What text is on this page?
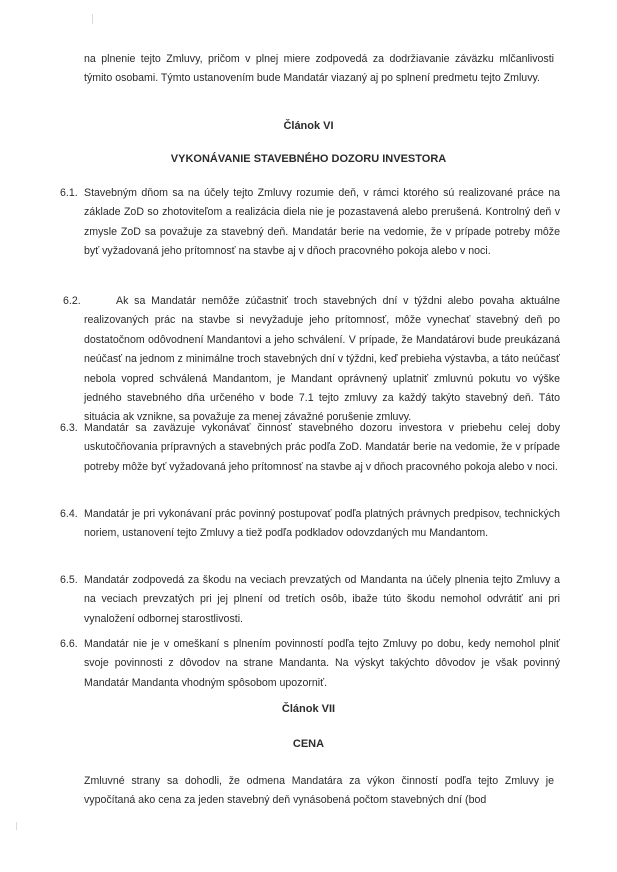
na plnenie tejto Zmluvy, pričom v plnej miere zodpovedá za dodržiavanie záväzku mlčanlivosti týmito osobami. Týmto ustanovením bude Mandatár viazaný aj po splnení predmetu tejto Zmluvy.

Článok VI
VYKONÁVANIE STAVEBNÉHO DOZORU INVESTORA
6.1. Stavebným dňom sa na účely tejto Zmluvy rozumie deň, v rámci ktorého sú realizované práce na základe ZoD so zhotoviteľom a realizácia diela nie je pozastavená alebo prerušená. Kontrolný deň v zmysle ZoD sa považuje za stavebný deň. Mandatár berie na vedomie, že v prípade potreby môže byť vyžadovaná jeho prítomnosť na stavbe aj v dňoch pracovného pokoja alebo v noci.
6.2.	Ak sa Mandatár nemôže zúčastniť troch stavebných dní v týždni alebo povaha aktuálne realizovaných prác na stavbe si nevyžaduje jeho prítomnosť, môže vynechať stavebný deň po dostatočnom odôvodnení Mandantovi a jeho schválení. V prípade, že Mandatárovi bude preukázaná neúčasť na jednom z minimálne troch stavebných dní v týždni, keď prebieha výstavba, a táto neúčasť nebola vopred schválená Mandantom, je Mandant oprávnený uplatniť zmluvnú pokutu vo výške jedného stavebného dňa určeného v bode 7.1 tejto zmluvy za každý takýto stavebný deň. Táto situácia ak vznikne, sa považuje za menej závažné porušenie zmluvy.
6.3. Mandatár sa zaväzuje vykonávať činnosť stavebného dozoru investora v priebehu celej doby uskutočňovania prípravných a stavebných prác podľa ZoD. Mandatár berie na vedomie, že v prípade potreby môže byť vyžadovaná jeho prítomnosť na stavbe aj v dňoch pracovného pokoja alebo v noci.
6.4. Mandatár je pri vykonávaní prác povinný postupovať podľa platných právnych predpisov, technických noriem, ustanovení tejto Zmluvy a tiež podľa podkladov odovzdaných mu Mandantom.
6.5. Mandatár zodpovedá za škodu na veciach prevzatých od Mandanta na účely plnenia tejto Zmluvy a na veciach prevzatých pri jej plnení od tretích osôb, ibaže túto škodu nemohol odvrátiť ani pri vynaložení odbornej starostlivosti.
6.6. Mandatár nie je v omeškaní s plnením povinností podľa tejto Zmluvy po dobu, kedy nemohol plniť svoje povinnosti z dôvodov na strane Mandanta. Na výskyt takýchto dôvodov je však povinný Mandatár Mandanta vhodným spôsobom upozorniť.
Článok VII
CENA

Zmluvné strany sa dohodli, že odmena Mandatára za výkon činností podľa tejto Zmluvy je vypočítaná ako cena za jeden stavebný deň vynásobená počtom stavebných dní (bod
